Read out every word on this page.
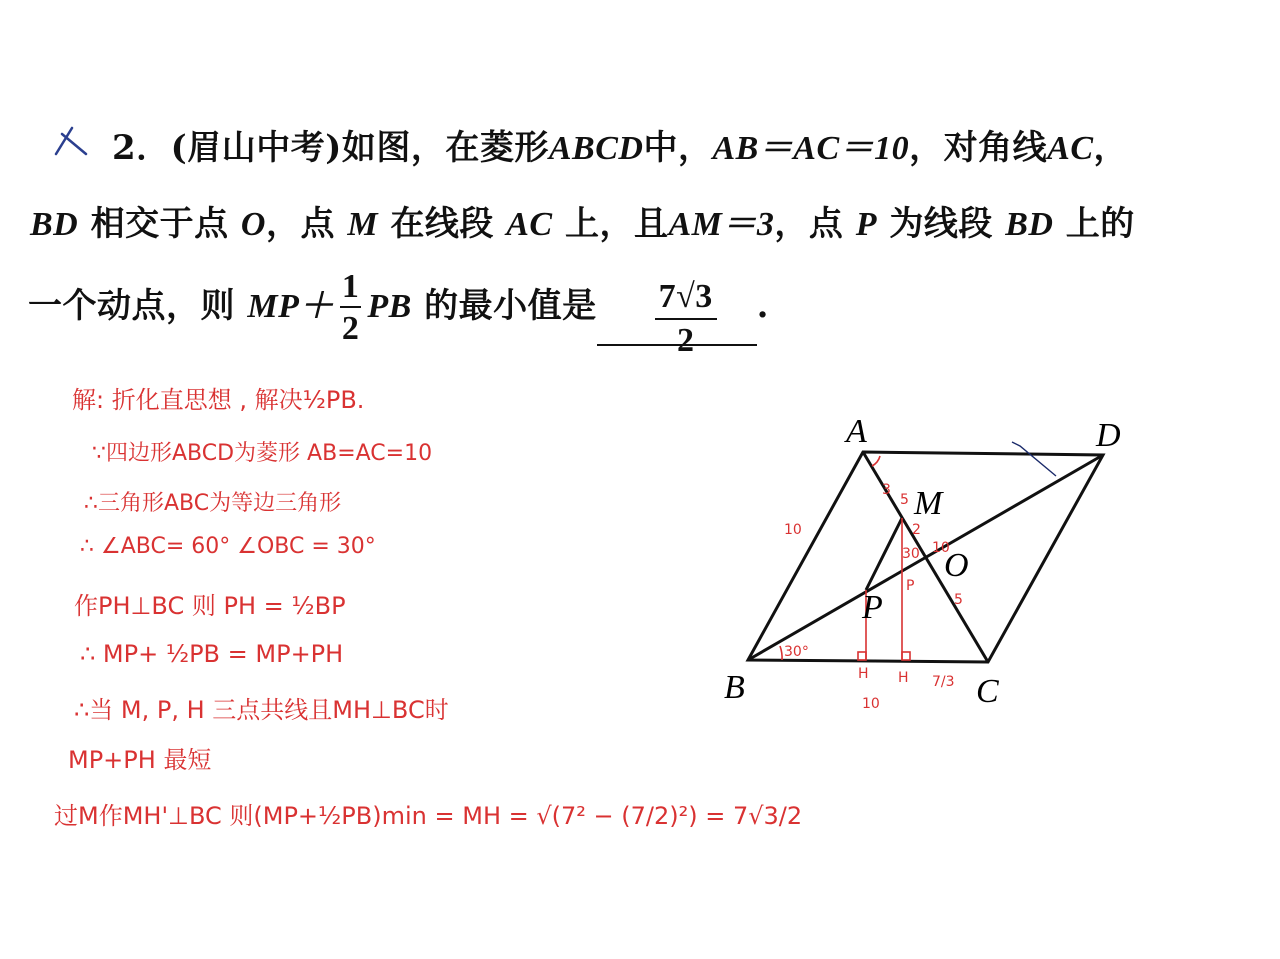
2．(眉山中考)如图，在菱形ABCD中，AB＝AC＝10，对角线AC，
BD 相交于点 O，点 M 在线段 AC 上，且AM＝3，点 P 为线段 BD 上的
一个动点，则 $MP+ \frac{1}{2}$ PB 的最小值是 $\frac{7√3}{2}$ .
解: 折化直思想 , 解决½PB.
∵四边形ABCD为菱形 AB=AC=10
∴三角形ABC为等边三角形
∴ ∠ABC= 60° ∠OBC = 30°
作PH⊥BC 则 PH = ½BP
∴ MP+ ½PB = MP+PH
∴当 M, P, H 三点共线且MH⊥BC时
MP+PH 最短
过M作MH'⊥BC 则(MP+½PB)min = MH = √(7² − (7/2)²) = 7√3/2
A	D
B	C
M
O
P
10
3
5
5
2
30 10
30°
P
H H
10
7/3
